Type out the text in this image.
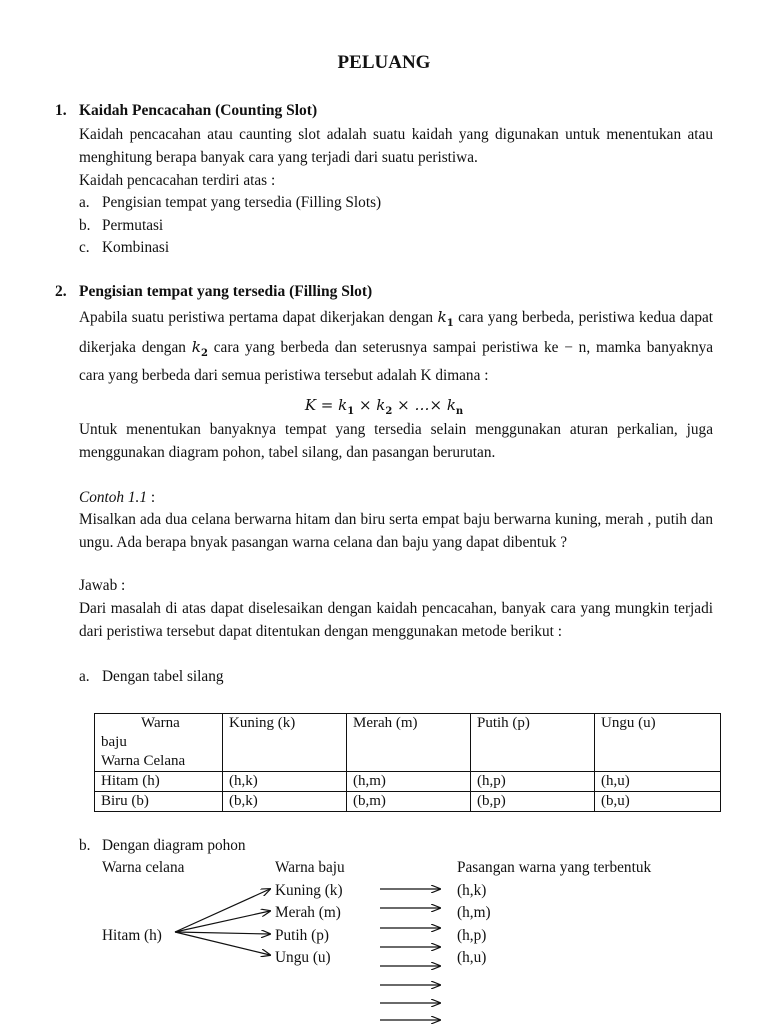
PELUANG
1. Kaidah Pencacahan (Counting Slot)
Kaidah pencacahan atau caunting slot adalah suatu kaidah yang digunakan untuk menentukan atau menghitung berapa banyak cara yang terjadi dari suatu peristiwa.
Kaidah pencacahan terdiri atas :
a. Pengisian tempat yang tersedia (Filling Slots)
b. Permutasi
c. Kombinasi
2. Pengisian tempat yang tersedia (Filling Slot)
Apabila suatu peristiwa pertama dapat dikerjakan dengan $k_1$ cara yang berbeda, peristiwa kedua dapat dikerjaka dengan $k_2$ cara yang berbeda dan seterusnya sampai peristiwa ke − n, mamka banyaknya cara yang berbeda dari semua peristiwa tersebut adalah K dimana :
$K = k_1 \times k_2$ × …× $k_n$
Untuk menentukan banyaknya tempat yang tersedia selain menggunakan aturan perkalian, juga menggunakan diagram pohon, tabel silang, dan pasangan berurutan.
Contoh 1.1 :
Misalkan ada dua celana berwarna hitam dan biru serta empat baju berwarna kuning, merah , putih dan ungu. Ada berapa bnyak pasangan warna celana dan baju yang dapat dibentuk ?
Jawab :
Dari masalah di atas dapat diselesaikan dengan kaidah pencacahan, banyak cara yang mungkin terjadi dari peristiwa tersebut dapat ditentukan dengan menggunakan metode berikut :
a. Dengan tabel silang
Warna
baju
Warna Celana	Kuning (k)	Merah (m)	Putih (p)	Ungu (u)
Hitam (h)	(h,k)	(h,m)	(h,p)	(h,u)
Biru (b)	(b,k)	(b,m)	(b,p)	(b,u)
b. Dengan diagram pohon
Warna celana	Warna baju	Pasangan warna yang terbentuk
Hitam (h)
Kuning (k)
Merah (m)
Putih (p)
Ungu (u)
(h,k)
(h,m)
(h,p)
(h,u)
